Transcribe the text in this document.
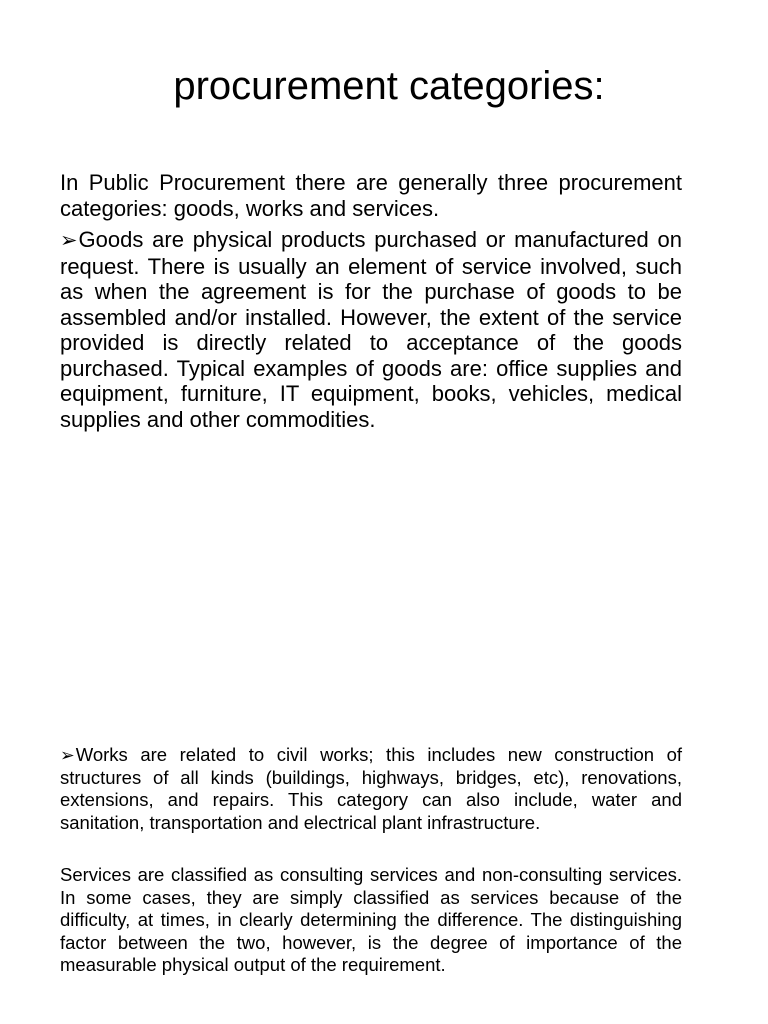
procurement categories:

In Public Procurement there are generally three procurement categories: goods, works and services.

➢Goods are physical products purchased or manufactured on request. There is usually an element of service involved, such as when the agreement is for the purchase of goods to be assembled and/or installed. However, the extent of the service provided is directly related to acceptance of the goods purchased. Typical examples of goods are: office supplies and equipment, furniture, IT equipment, books, vehicles, medical supplies and other commodities.

➢Works are related to civil works; this includes new construction of structures of all kinds (buildings, highways, bridges, etc), renovations, extensions, and repairs. This category can also include, water and sanitation, transportation and electrical plant infrastructure.

Services are classified as consulting services and non-consulting services. In some cases, they are simply classified as services because of the difficulty, at times, in clearly determining the difference. The distinguishing factor between the two, however, is the degree of importance of the measurable physical output of the requirement.
